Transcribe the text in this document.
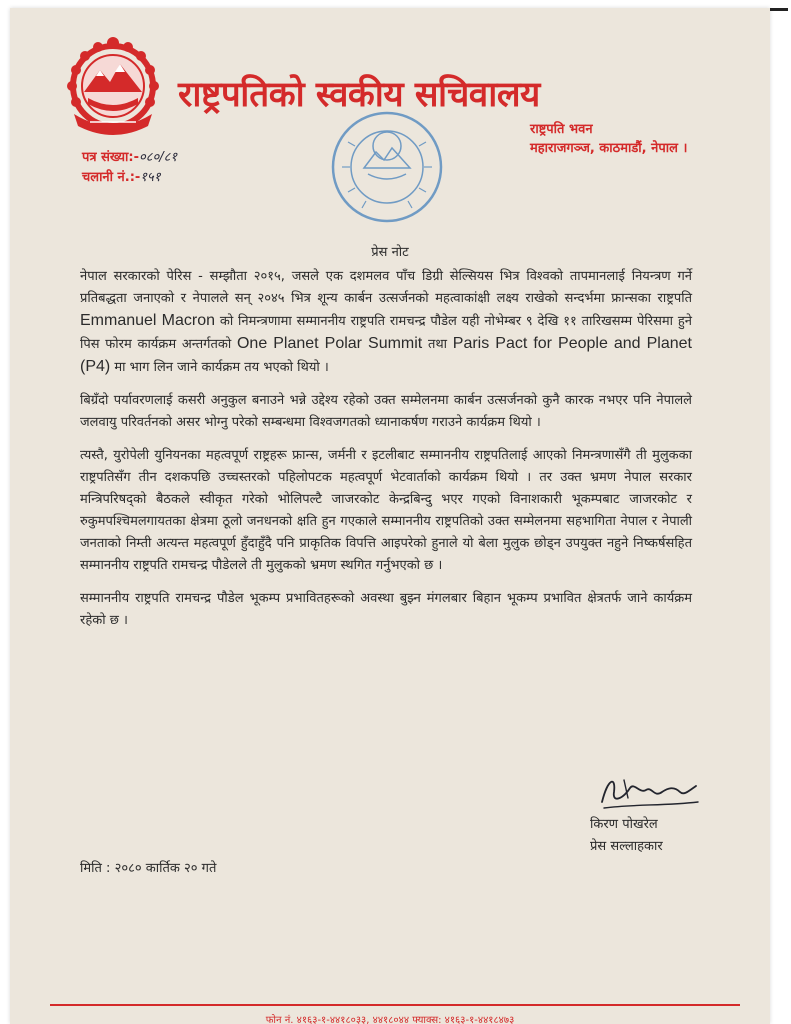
राष्ट्रपतिको स्वकीय सचिवालय
राष्ट्रपति भवन
महाराजगञ्ज, काठमाडौं, नेपाल ।
पत्र संख्या:-०८०/८१
चलानी नं.:-१५१
प्रेस नोट

नेपाल सरकारको पेरिस - सम्झौता २०१५, जसले एक दशमलव पाँच डिग्री सेल्सियस भित्र विश्वको तापमानलाई नियन्त्रण गर्ने प्रतिबद्धता जनाएको र नेपालले सन् २०४५ भित्र शून्य कार्बन उत्सर्जनको महत्वाकांक्षी लक्ष्य राखेको सन्दर्भमा फ्रान्सका राष्ट्रपति Emmanuel Macron को निमन्त्रणामा सम्माननीय राष्ट्रपति रामचन्द्र पौडेल यही नोभेम्बर ९ देखि ११ तारिखसम्म पेरिसमा हुने पिस फोरम कार्यक्रम अन्तर्गतको One Planet Polar Summit तथा Paris Pact for People and Planet (P4) मा भाग लिन जाने कार्यक्रम तय भएको थियो ।

बिग्रँदो पर्यावरणलाई कसरी अनुकुल बनाउने भन्ने उद्देश्य रहेको उक्त सम्मेलनमा कार्बन उत्सर्जनको कुनै कारक नभएर पनि नेपालले जलवायु परिवर्तनको असर भोग्नु परेको सम्बन्धमा विश्वजगतको ध्यानाकर्षण गराउने कार्यक्रम थियो ।

त्यस्तै, युरोपेली युनियनका महत्वपूर्ण राष्ट्रहरू फ्रान्स, जर्मनी र इटलीबाट सम्माननीय राष्ट्रपतिलाई आएको निमन्त्रणासँगै ती मुलुकका राष्ट्रपतिसँग तीन दशकपछि उच्चस्तरको पहिलोपटक महत्वपूर्ण भेटवार्ताको कार्यक्रम थियो । तर उक्त भ्रमण नेपाल सरकार मन्त्रिपरिषद्को बैठकले स्वीकृत गरेको भोलिपल्टै जाजरकोट केन्द्रबिन्दु भएर गएको विनाशकारी भूकम्पबाट जाजरकोट र रुकुमपश्चिमलगायतका क्षेत्रमा ठूलो जनधनको क्षति हुन गएकाले सम्माननीय राष्ट्रपतिको उक्त सम्मेलनमा सहभागिता नेपाल र नेपाली जनताको निम्ती अत्यन्त महत्वपूर्ण हुँदाहुँदै पनि प्राकृतिक विपत्ति आइपरेको हुनाले यो बेला मुलुक छोड्न उपयुक्त नहुने निष्कर्षसहित सम्माननीय राष्ट्रपति रामचन्द्र पौडेलले ती मुलुकको भ्रमण स्थगित गर्नुभएको छ ।

सम्माननीय राष्ट्रपति रामचन्द्र पौडेल भूकम्प प्रभावितहरूको अवस्था बुझ्न मंगलबार बिहान भूकम्प प्रभावित क्षेत्रतर्फ जाने कार्यक्रम रहेको छ ।

किरण पोखरेल
प्रेस सल्लाहकार
मिति : २०८० कार्तिक २० गते
फोन नं. ४१६३-१-४४१८०३३, ४४१८०४४ फ्याक्स: ४१६३-१-४४१८४७३
